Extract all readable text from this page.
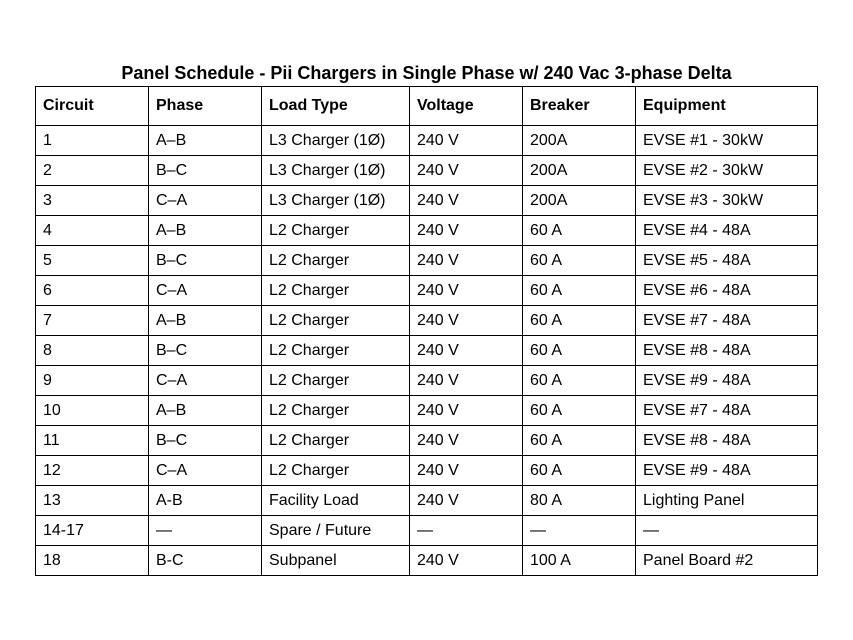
Panel Schedule - Pii Chargers in Single Phase w/ 240 Vac 3-phase Delta
Circuit	Phase	Load Type	Voltage	Breaker	Equipment
1	A–B	L3 Charger (1Ø)	240 V	200A	EVSE #1 - 30kW
2	B–C	L3 Charger (1Ø)	240 V	200A	EVSE #2 - 30kW
3	C–A	L3 Charger (1Ø)	240 V	200A	EVSE #3 - 30kW
4	A–B	L2 Charger	240 V	60 A	EVSE #4 - 48A
5	B–C	L2 Charger	240 V	60 A	EVSE #5 - 48A
6	C–A	L2 Charger	240 V	60 A	EVSE #6 - 48A
7	A–B	L2 Charger	240 V	60 A	EVSE #7 - 48A
8	B–C	L2 Charger	240 V	60 A	EVSE #8 - 48A
9	C–A	L2 Charger	240 V	60 A	EVSE #9 - 48A
10	A–B	L2 Charger	240 V	60 A	EVSE #7 - 48A
11	B–C	L2 Charger	240 V	60 A	EVSE #8 - 48A
12	C–A	L2 Charger	240 V	60 A	EVSE #9 - 48A
13	A-B	Facility Load	240 V	80 A	Lighting Panel
14-17	—	Spare / Future	—	—	—
18	B-C	Subpanel	240 V	100 A	Panel Board #2
